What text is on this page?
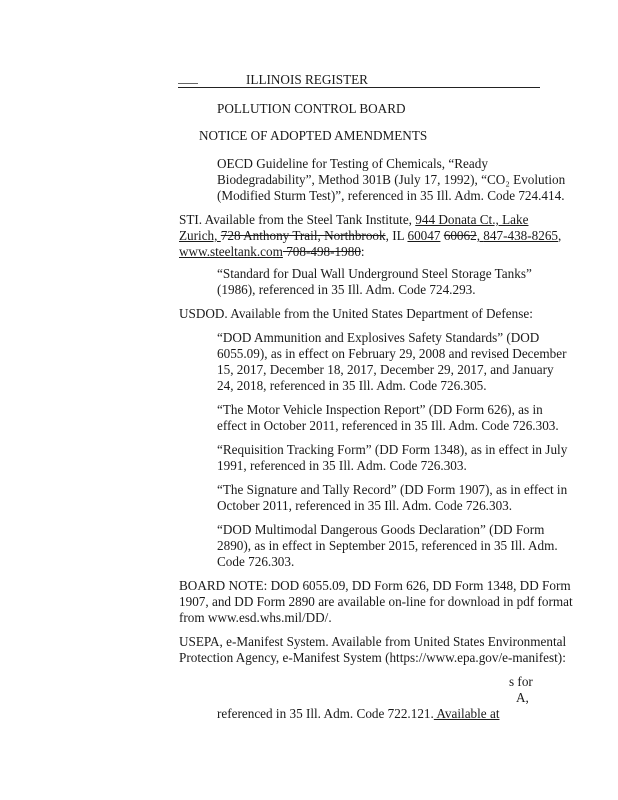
ILLINOIS REGISTER
POLLUTION CONTROL BOARD
NOTICE OF ADOPTED AMENDMENTS
OECD Guideline for Testing of Chemicals, “Ready
Biodegradability”, Method 301B (July 17, 1992), “CO₂ Evolution
(Modified Sturm Test)”, referenced in 35 Ill. Adm. Code 724.414.
STI. Available from the Steel Tank Institute, 944 Donata Ct., Lake
Zurich, 728 Anthony Trail, Northbrook, IL 60047 60062, 847-438-8265,
www.steeltank.com 708-498-1980:
“Standard for Dual Wall Underground Steel Storage Tanks”
(1986), referenced in 35 Ill. Adm. Code 724.293.
USDOD. Available from the United States Department of Defense:
“DOD Ammunition and Explosives Safety Standards” (DOD
6055.09), as in effect on February 29, 2008 and revised December
15, 2017, December 18, 2017, December 29, 2017, and January
24, 2018, referenced in 35 Ill. Adm. Code 726.305.
“The Motor Vehicle Inspection Report” (DD Form 626), as in
effect in October 2011, referenced in 35 Ill. Adm. Code 726.303.
“Requisition Tracking Form” (DD Form 1348), as in effect in July
1991, referenced in 35 Ill. Adm. Code 726.303.
“The Signature and Tally Record” (DD Form 1907), as in effect in
October 2011, referenced in 35 Ill. Adm. Code 726.303.
“DOD Multimodal Dangerous Goods Declaration” (DD Form
2890), as in effect in September 2015, referenced in 35 Ill. Adm.
Code 726.303.
BOARD NOTE: DOD 6055.09, DD Form 626, DD Form 1348, DD Form
1907, and DD Form 2890 are available on-line for download in pdf format
from www.esd.whs.mil/DD/.
USEPA, e-Manifest System. Available from United States Environmental
Protection Agency, e-Manifest System (https://www.epa.gov/e-manifest):
s for
A,
referenced in 35 Ill. Adm. Code 722.121. Available at
